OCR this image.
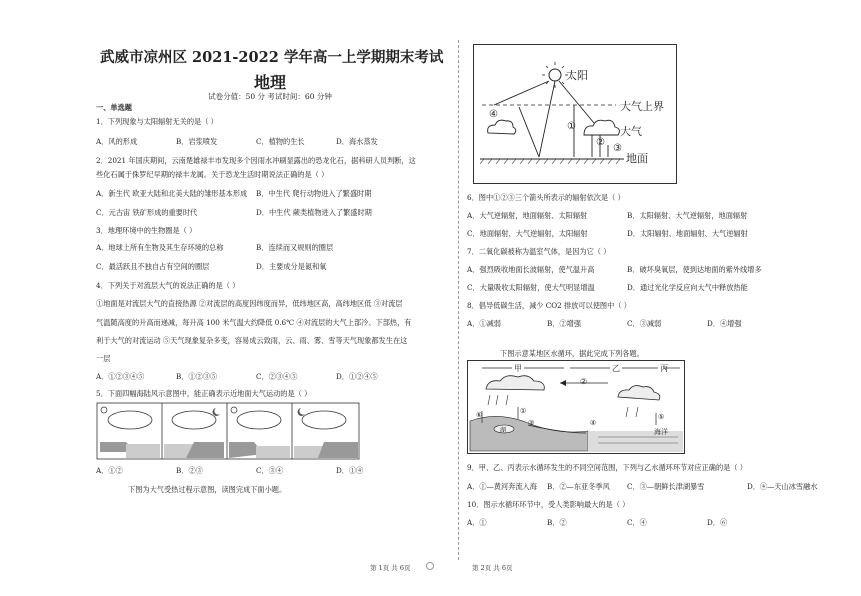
武威市凉州区 2021-2022 学年高一上学期期末考试
地理
试卷分值：50 分 考试时间：60 分钟
一、单选题
1．下列现象与太阳辐射无关的是（ ）
A．风的形成	B．岩浆喷发	C．植物的生长	D．海水蒸发
2．2021 年国庆期间，云南楚雄禄丰市发现多个因雨水冲刷显露出的恐龙化石，据科研人员判断，这
些化石属于侏罗纪早期的禄丰龙属。关于恐龙生活时期说法正确的是（ ）
A．新生代 欧亚大陆和北美大陆的雏形基本形成 B．中生代 爬行动物进入了繁盛时期
C．元古宙 铁矿形成的重要时代	D．中生代 蕨类植物进入了繁盛时期
3．地理环境中的生物圈是（ ）
A．地球上所有生物及其生存环境的总称	B．连续而又规则的圈层
C．最活跃且不独自占有空间的圈层	D．主要成分是氮和氧
4．下列关于对流层大气的说法正确的是（ ）
①地面是对流层大气的直接热源 ②对流层的高度因纬度而异，低纬地区高，高纬地区低 ③对流层
气温随高度的升高而递减，每升高 100 米气温大约降低 0.6℃ ④对流层的大气上部冷、下部热，有
利于大气的对流运动 ⑤天气现象复杂多变，容易成云致雨，云、雨、雾、雪等天气现象都发生在这
一层
A．①②③④⑤	B．①②③⑤	C．②③④⑤	D．①②④⑤
5．下面四幅海陆风示意图中，能正确表示近地面大气运动的是（ ）
A．①②	B．②③	C．③④	D．①④
下图为大气受热过程示意图，读图完成下面小题。
第 1页 共 6页	第 2页 共 6页
太阳
大气上界
大气
地面
④
①
②
③
6．图中①②③三个箭头所表示的辐射依次是（ ）
A．大气逆辐射，地面辐射、太阳辐射	B．太阳辐射、大气逆辐射，地面辐射
C．地面辐射、大气逆辐射，太阳辐射	D．太阳辐射、地面辐射、大气逆辐射
7．二氧化碳被称为温室气体，是因为它（ ）
A．强烈吸收地面长波辐射，使气温升高	B．破坏臭氧层，使到达地面的紫外线增多
C．大量吸收太阳辐射，使大气明显增温	D．通过光化学反应向大气中释放热能
8．倡导低碳生活，减少 CO2 排放可以使图中（ ）
A．①减弱	B．②增强	C．③减弱	D．④增强
下图示意某地区水循环，据此完成下列各题。
甲	乙	丙
湖	海洋
②
⑥	①
③	④
⑤
9．甲、乙、丙表示水循环发生的不同空间范围，下列与乙水循环环节对应正确的是（ ）
A．①—黄河奔流入海 B．②—东亚冬季风 C．③—朝鲜长津湖暴雪	D．④—天山冰雪融水
10．图示水循环环节中，受人类影响最大的是（ ）
A．①	B．②	C．④	D．⑥
